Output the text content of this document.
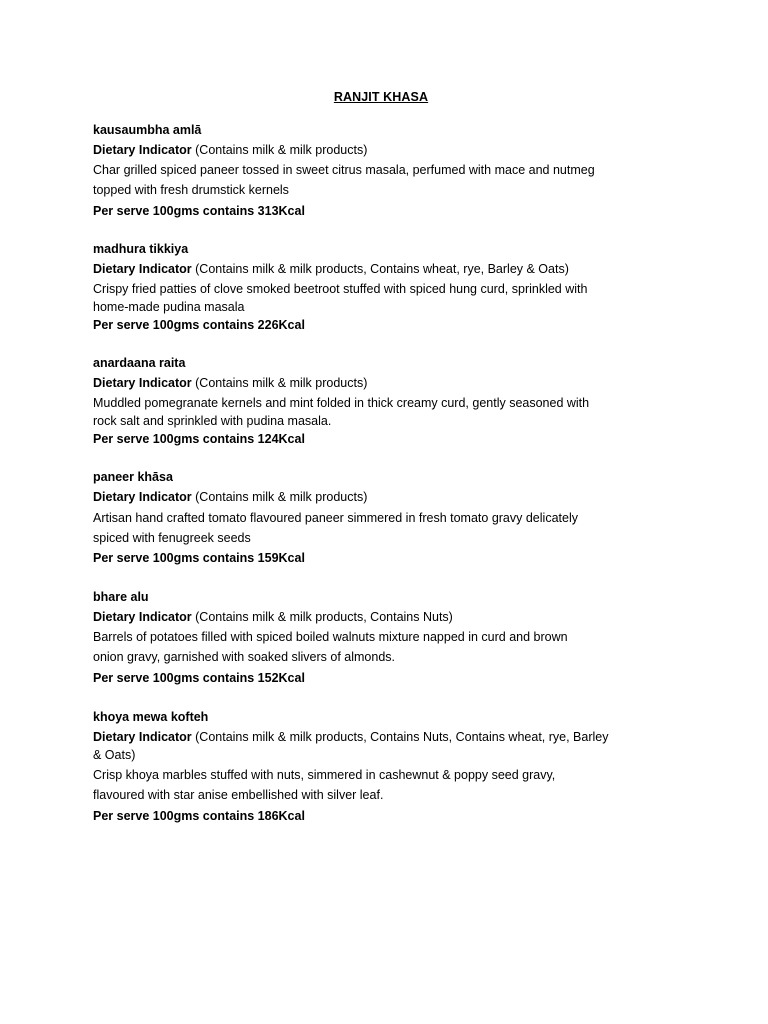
RANJIT KHASA
kausaumbha amlā
Dietary Indicator (Contains milk & milk products)
Char grilled spiced paneer tossed in sweet citrus masala, perfumed with mace and nutmeg
topped with fresh drumstick kernels
Per serve 100gms contains 313Kcal
madhura tikkiya
Dietary Indicator (Contains milk & milk products, Contains wheat, rye, Barley & Oats)
Crispy fried patties of clove smoked beetroot stuffed with spiced hung curd, sprinkled with
home-made pudina masala
Per serve 100gms contains 226Kcal
anardaana raita
Dietary Indicator (Contains milk & milk products)
Muddled pomegranate kernels and mint folded in thick creamy curd, gently seasoned with
rock salt and sprinkled with pudina masala.
Per serve 100gms contains 124Kcal
paneer khāsa
Dietary Indicator (Contains milk & milk products)
Artisan hand crafted tomato flavoured paneer simmered in fresh tomato gravy delicately
spiced with fenugreek seeds
Per serve 100gms contains 159Kcal
bhare alu
Dietary Indicator (Contains milk & milk products, Contains Nuts)
Barrels of potatoes filled with spiced boiled walnuts mixture napped in curd and brown
onion gravy, garnished with soaked slivers of almonds.
Per serve 100gms contains 152Kcal
khoya mewa kofteh
Dietary Indicator (Contains milk & milk products, Contains Nuts, Contains wheat, rye, Barley
& Oats)
Crisp khoya marbles stuffed with nuts, simmered in cashewnut & poppy seed gravy,
flavoured with star anise embellished with silver leaf.
Per serve 100gms contains 186Kcal
